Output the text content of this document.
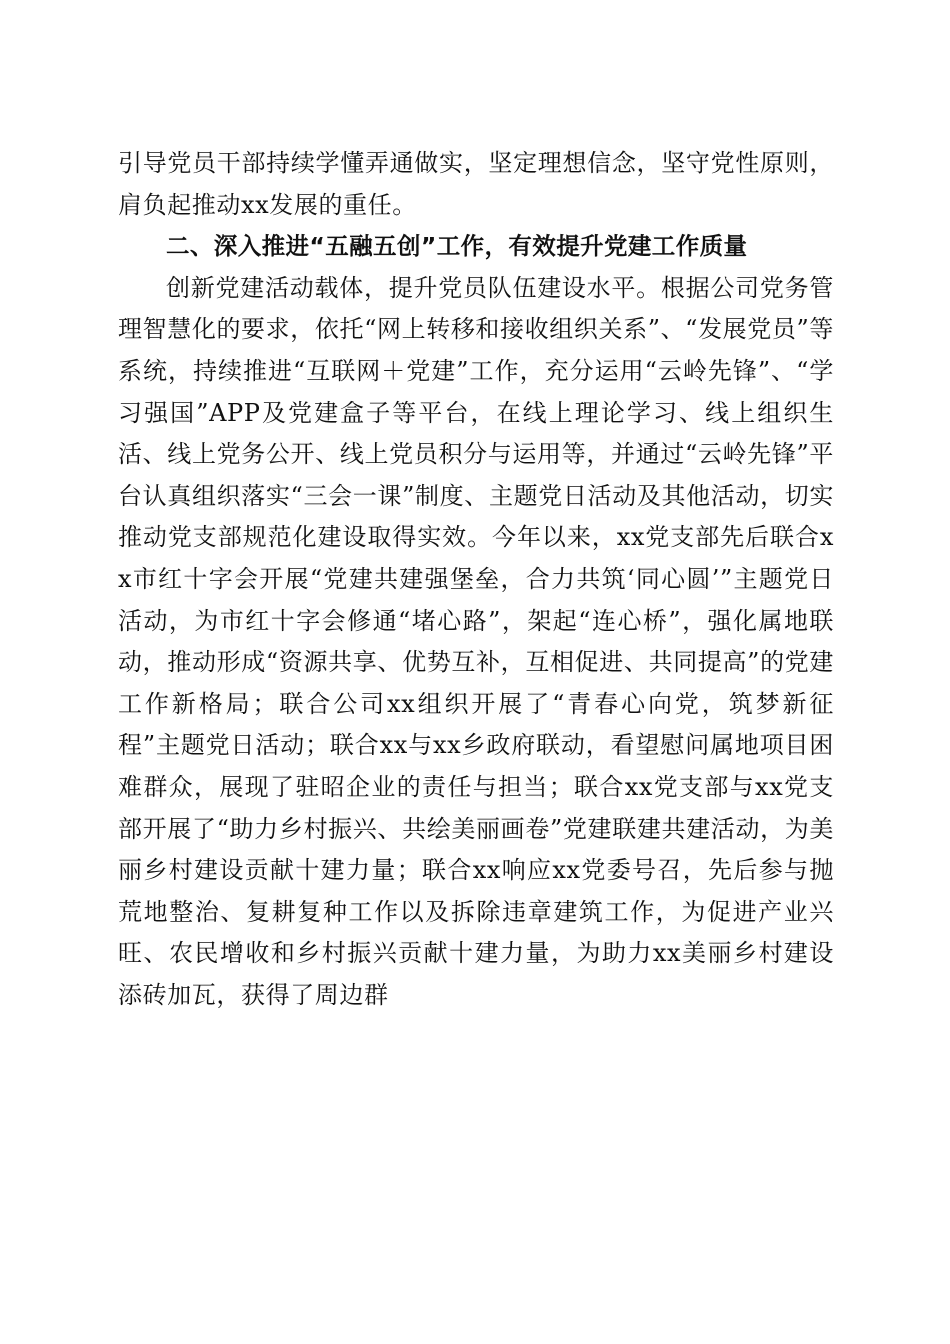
引导党员干部持续学懂弄通做实，坚定理想信念，坚守党性原则，肩负起推动xx发展的重任。

二、深入推进“五融五创”工作，有效提升党建工作质量

创新党建活动载体，提升党员队伍建设水平。根据公司党务管理智慧化的要求，依托“网上转移和接收组织关系”、“发展党员”等系统，持续推进“互联网＋党建”工作，充分运用“云岭先锋”、“学习强国”APP及党建盒子等平台，在线上理论学习、线上组织生活、线上党务公开、线上党员积分与运用等，并通过“云岭先锋”平台认真组织落实“三会一课”制度、主题党日活动及其他活动，切实推动党支部规范化建设取得实效。今年以来，xx党支部先后联合xx市红十字会开展“党建共建强堡垒，合力共筑‘同心圆’”主题党日活动，为市红十字会修通“堵心路”，架起“连心桥”，强化属地联动，推动形成“资源共享、优势互补，互相促进、共同提高”的党建工作新格局；联合公司xx组织开展了“青春心向党，筑梦新征程”主题党日活动；联合xx与xx乡政府联动，看望慰问属地项目困难群众，展现了驻昭企业的责任与担当；联合xx党支部与xx党支部开展了“助力乡村振兴、共绘美丽画卷”党建联建共建活动，为美丽乡村建设贡献十建力量；联合xx响应xx党委号召，先后参与抛荒地整治、复耕复种工作以及拆除违章建筑工作，为促进产业兴旺、农民增收和乡村振兴贡献十建力量，为助力xx美丽乡村建设添砖加瓦，获得了周边群
